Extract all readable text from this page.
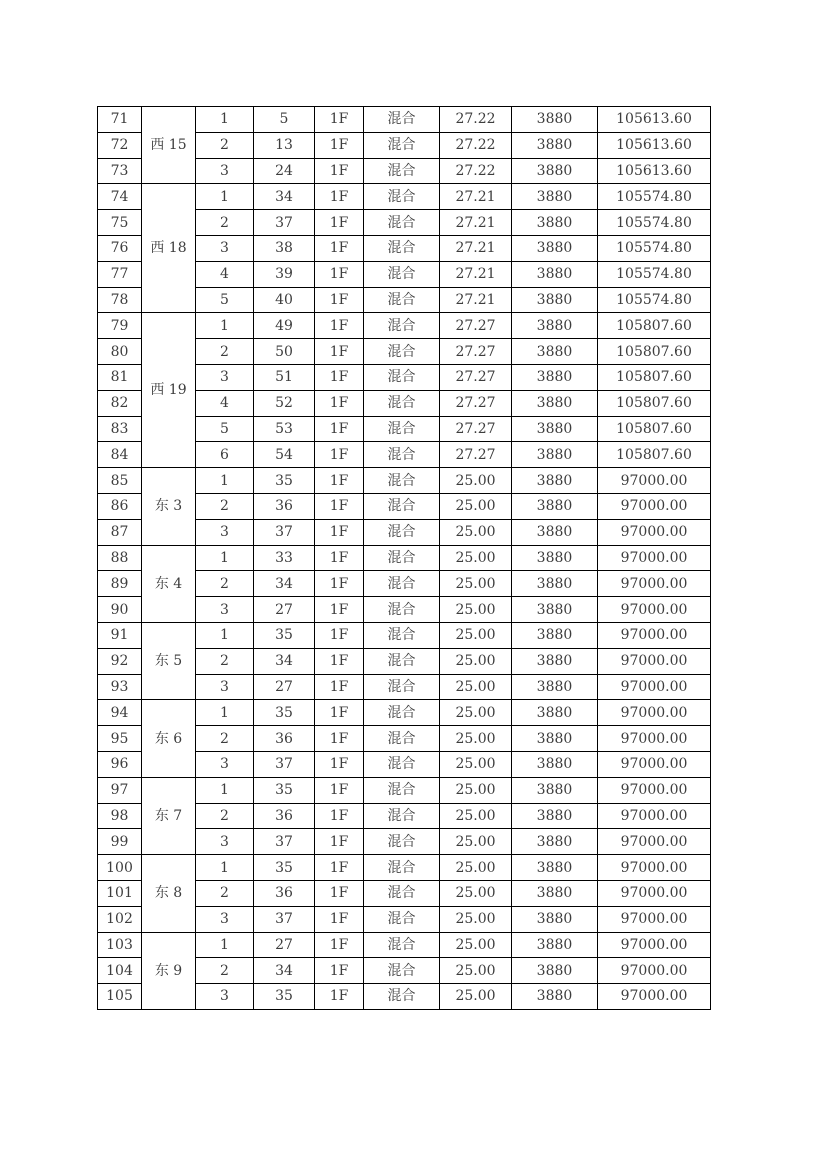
71	西 15	1	5	1F	混合	27.22	3880	105613.60
72		2	13	1F	混合	27.22	3880	105613.60
73		3	24	1F	混合	27.22	3880	105613.60
74	西 18	1	34	1F	混合	27.21	3880	105574.80
75		2	37	1F	混合	27.21	3880	105574.80
76		3	38	1F	混合	27.21	3880	105574.80
77		4	39	1F	混合	27.21	3880	105574.80
78		5	40	1F	混合	27.21	3880	105574.80
79	西 19	1	49	1F	混合	27.27	3880	105807.60
80		2	50	1F	混合	27.27	3880	105807.60
81		3	51	1F	混合	27.27	3880	105807.60
82		4	52	1F	混合	27.27	3880	105807.60
83		5	53	1F	混合	27.27	3880	105807.60
84		6	54	1F	混合	27.27	3880	105807.60
85	东 3	1	35	1F	混合	25.00	3880	97000.00
86		2	36	1F	混合	25.00	3880	97000.00
87		3	37	1F	混合	25.00	3880	97000.00
88	东 4	1	33	1F	混合	25.00	3880	97000.00
89		2	34	1F	混合	25.00	3880	97000.00
90		3	27	1F	混合	25.00	3880	97000.00
91	东 5	1	35	1F	混合	25.00	3880	97000.00
92		2	34	1F	混合	25.00	3880	97000.00
93		3	27	1F	混合	25.00	3880	97000.00
94	东 6	1	35	1F	混合	25.00	3880	97000.00
95		2	36	1F	混合	25.00	3880	97000.00
96		3	37	1F	混合	25.00	3880	97000.00
97	东 7	1	35	1F	混合	25.00	3880	97000.00
98		2	36	1F	混合	25.00	3880	97000.00
99		3	37	1F	混合	25.00	3880	97000.00
100	东 8	1	35	1F	混合	25.00	3880	97000.00
101		2	36	1F	混合	25.00	3880	97000.00
102		3	37	1F	混合	25.00	3880	97000.00
103	东 9	1	27	1F	混合	25.00	3880	97000.00
104		2	34	1F	混合	25.00	3880	97000.00
105		3	35	1F	混合	25.00	3880	97000.00
